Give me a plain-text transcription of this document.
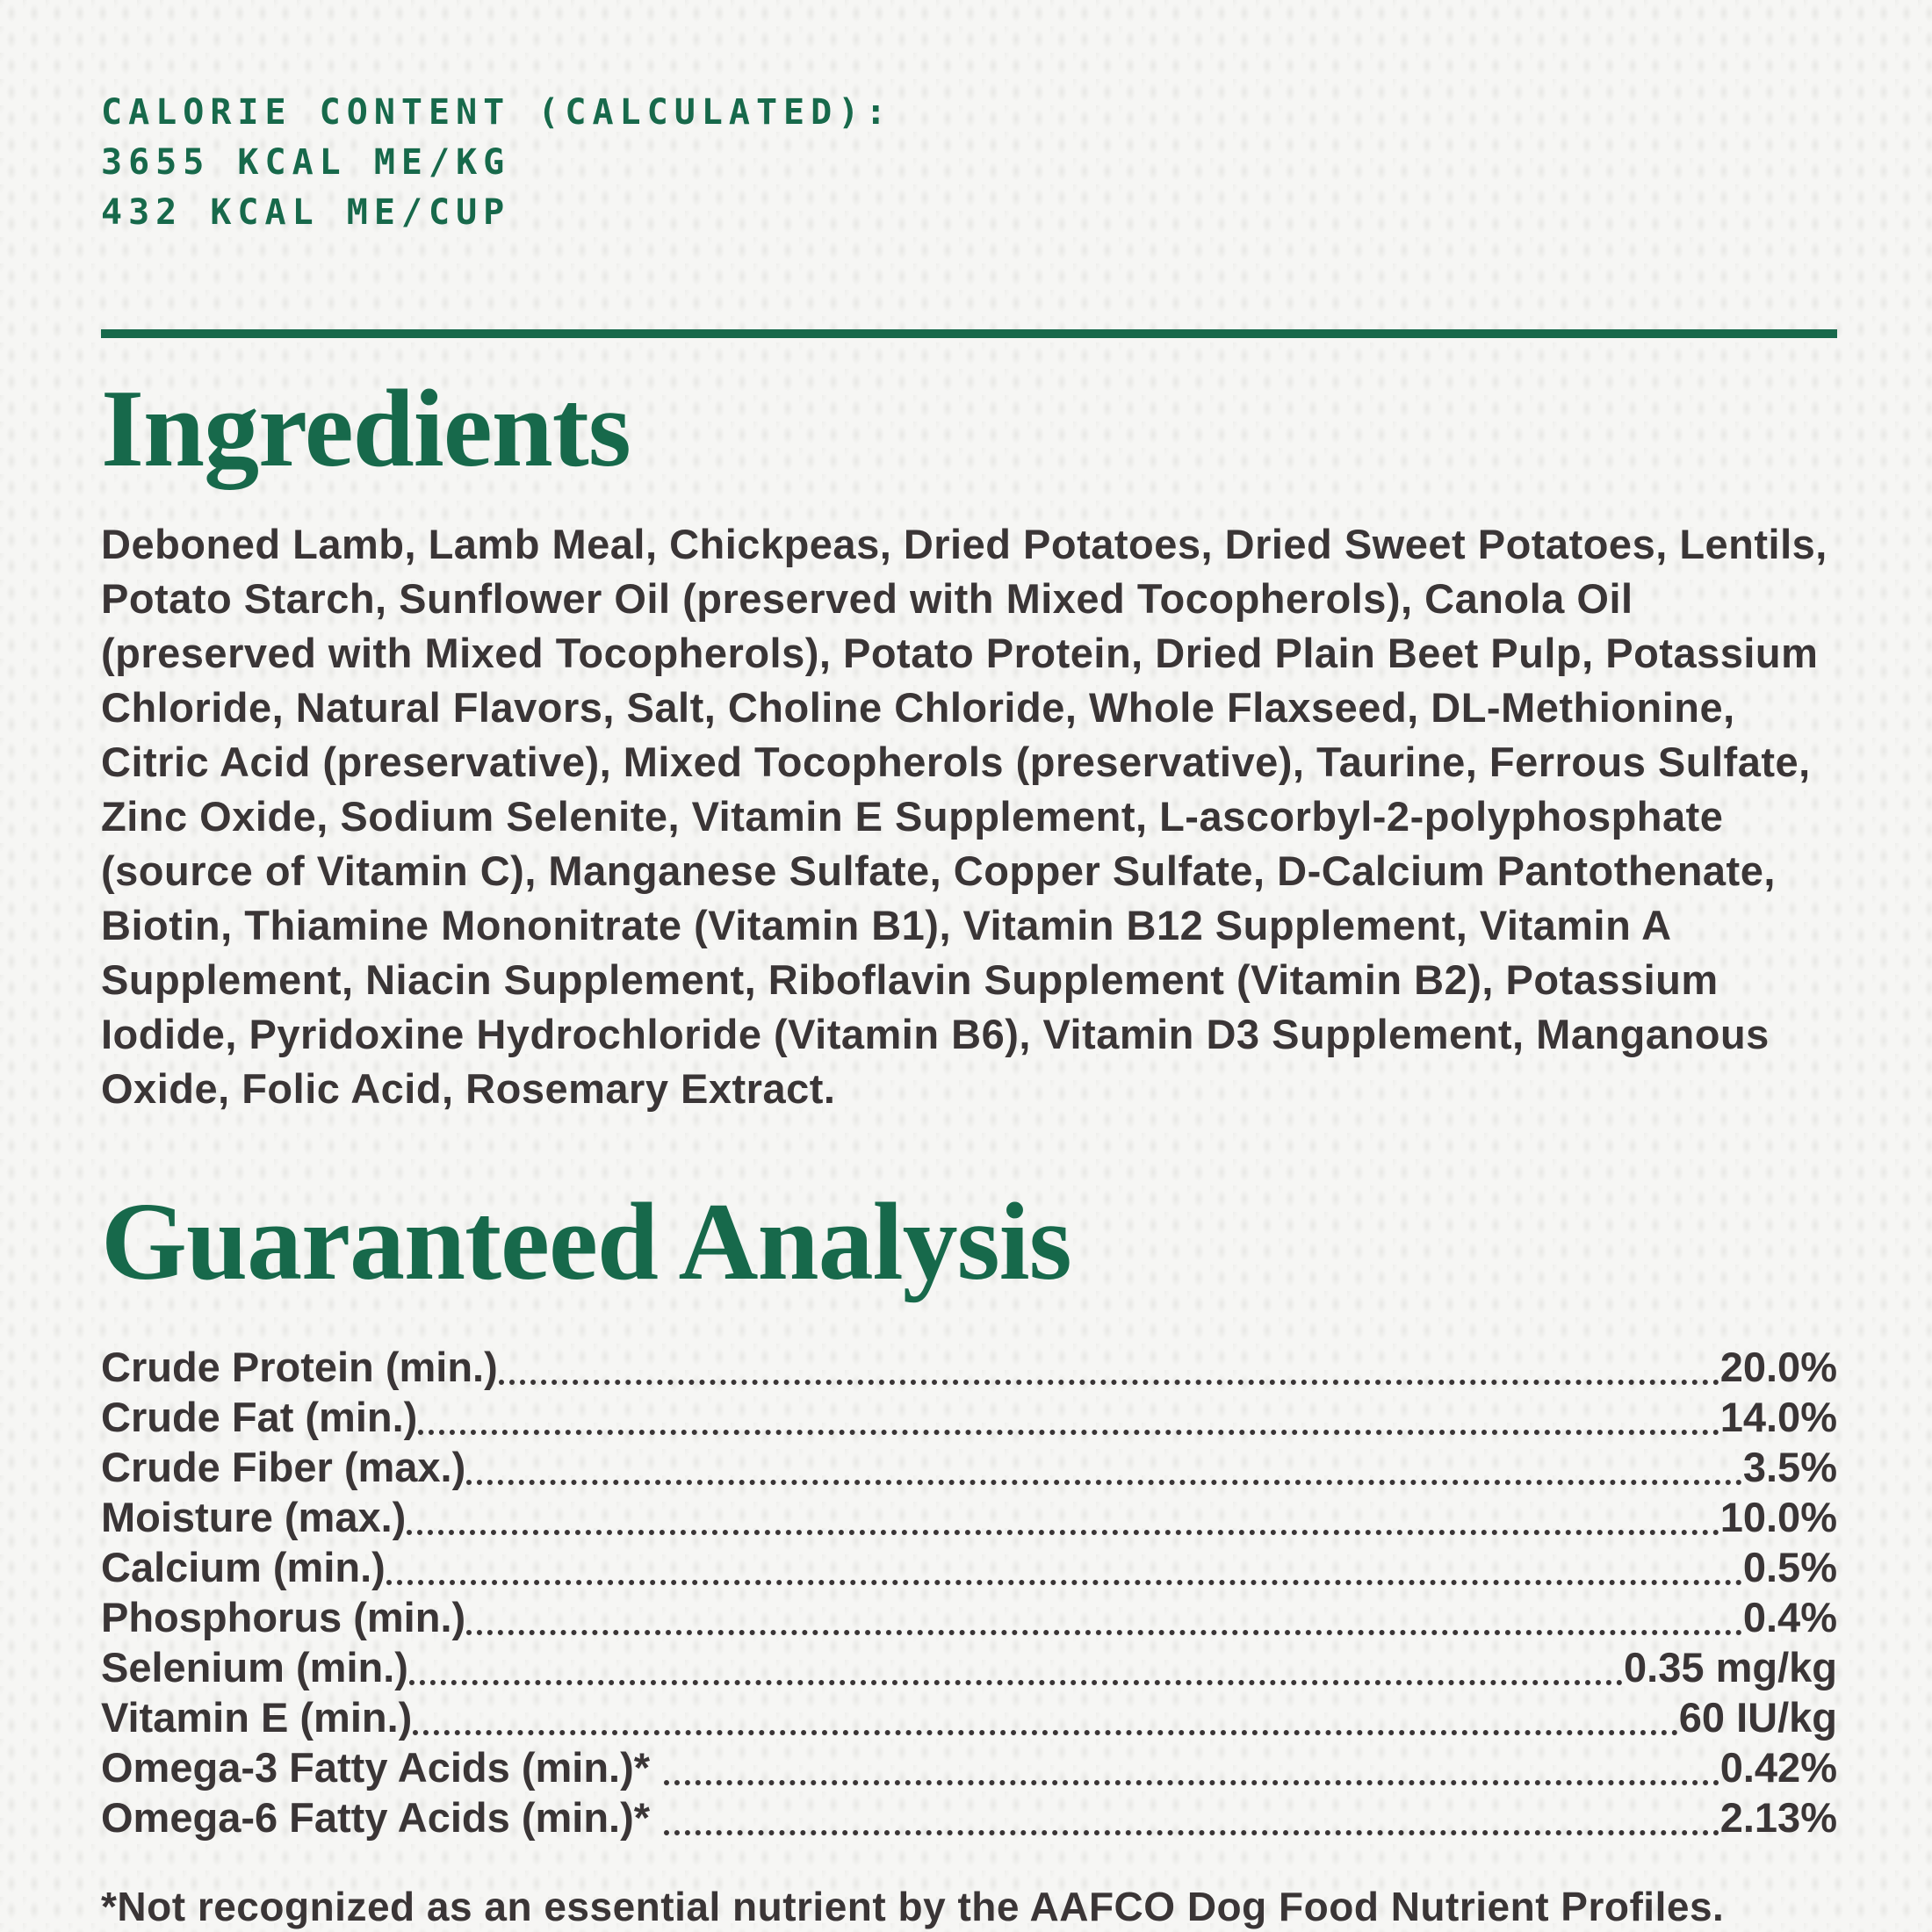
CALORIE CONTENT (CALCULATED):
3655 KCAL ME/KG
432 KCAL ME/CUP
Ingredients

Deboned Lamb, Lamb Meal, Chickpeas, Dried Potatoes, Dried Sweet Potatoes, Lentils, Potato Starch, Sunflower Oil (preserved with Mixed Tocopherols), Canola Oil (preserved with Mixed Tocopherols), Potato Protein, Dried Plain Beet Pulp, Potassium Chloride, Natural Flavors, Salt, Choline Chloride, Whole Flaxseed, DL-Methionine, Citric Acid (preservative), Mixed Tocopherols (preservative), Taurine, Ferrous Sulfate, Zinc Oxide, Sodium Selenite, Vitamin E Supplement, L-ascorbyl-2-polyphosphate (source of Vitamin C), Manganese Sulfate, Copper Sulfate, D-Calcium Pantothenate, Biotin, Thiamine Mononitrate (Vitamin B1), Vitamin B12 Supplement, Vitamin A Supplement, Niacin Supplement, Riboflavin Supplement (Vitamin B2), Potassium Iodide, Pyridoxine Hydrochloride (Vitamin B6), Vitamin D3 Supplement, Manganous Oxide, Folic Acid, Rosemary Extract.

Guaranteed Analysis
Crude Protein (min.)	20.0%
Crude Fat (min.)	14.0%
Crude Fiber (max.)	3.5%
Moisture (max.)	10.0%
Calcium (min.)	0.5%
Phosphorus (min.)	0.4%
Selenium (min.)	0.35 mg/kg
Vitamin E (min.)	60 IU/kg
Omega-3 Fatty Acids (min.)*	0.42%
Omega-6 Fatty Acids (min.)*	2.13%

*Not recognized as an essential nutrient by the AAFCO Dog Food Nutrient Profiles.
